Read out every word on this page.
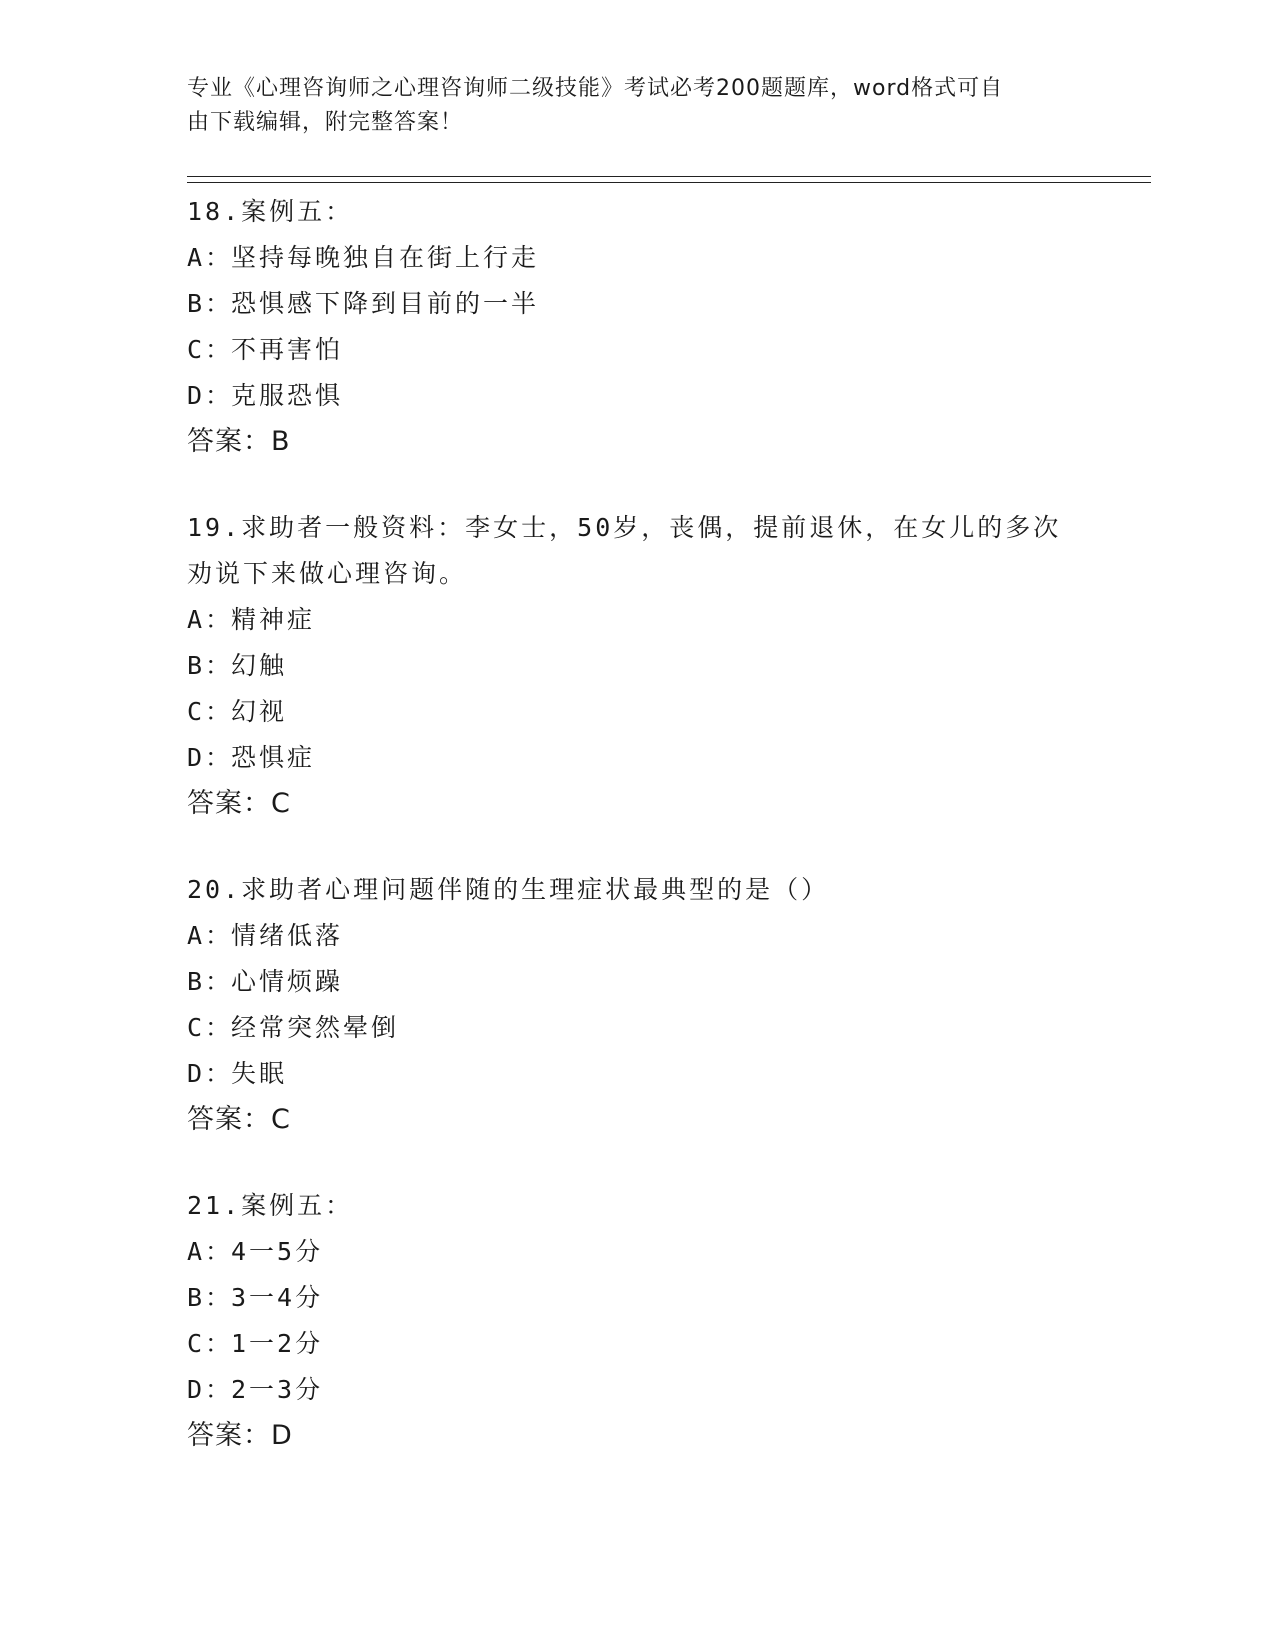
专业《心理咨询师之心理咨询师二级技能》考试必考200题题库，word格式可自
由下载编辑，附完整答案！
18.案例五：
A：坚持每晚独自在街上行走
B：恐惧感下降到目前的一半
C：不再害怕
D：克服恐惧
答案：B
19.求助者一般资料：李女士，50岁，丧偶，提前退休，在女儿的多次
劝说下来做心理咨询。
A：精神症
B：幻触
C：幻视
D：恐惧症
答案：C
20.求助者心理问题伴随的生理症状最典型的是（）
A：情绪低落
B：心情烦躁
C：经常突然晕倒
D：失眠
答案：C
21.案例五：
A：4一5分
B：3一4分
C：1一2分
D：2一3分
答案：D
